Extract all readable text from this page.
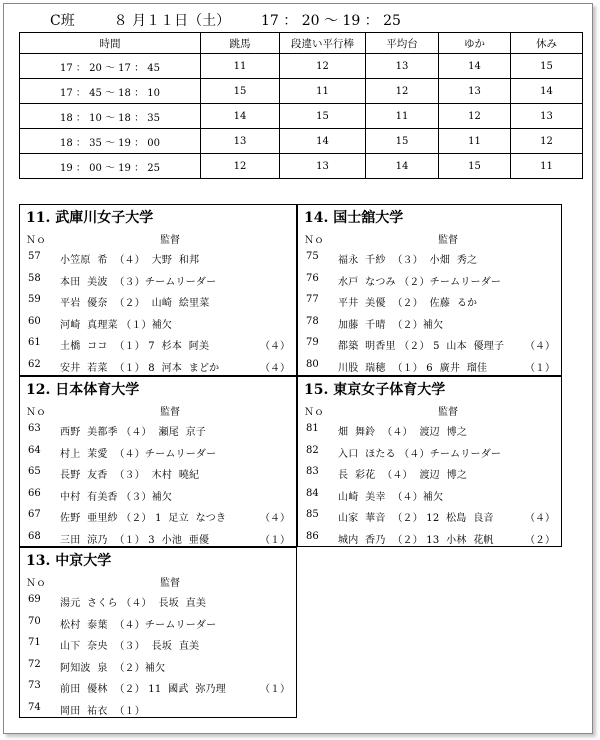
C班	８ 月１１日（土） 17 ： 20 〜 19 ： 25
時間	跳馬	段違い平行棒	平均台	ゆか	休み
17 ： 20 〜 17 ： 45	11	12	13	14	15
17 ： 45 〜 18 ： 10	15	11	12	13	14
18 ： 10 〜 18 ： 35	14	15	11	12	13
18 ： 35 〜 19 ： 00	13	14	15	11	12
19 ： 00 〜 19 ： 25	12	13	14	15	11
11. 武庫川女子大学
Ｎｏ	監督
57	小笠原  希  （４）  大野  和邦
58	本田  美波  （３）チームリーダー
59	平岩  優奈  （２）  山崎  絵里菜
60	河崎  真理菜 （１）補欠
61	土橋  ココ  （１） 7  杉本  阿美	（４）
62	安井  若菜  （１） 8  河本  まどか	（４）
14. 国士舘大学
Ｎｏ	監督
75	福永  千紗  （３）  小畑  秀之
76	水戸  なつみ （２）チームリーダー
77	平井  美優  （２）  佐藤  るか
78	加藤  千晴  （２）補欠
79	都築  明香里 （２） 5  山本  優理子 （４）
80	川股  瑞穂  （１） 6  廣井  瑠佳	（１）
12. 日本体育大学
Ｎｏ	監督
63	西野  美都季 （４）  瀬尾  京子
64	村上  茉愛  （４）チームリーダー
65	長野  友香  （３）  木村  曉紀
66	中村  有美香 （３）補欠
67	佐野  亜里紗 （２） 1  足立  なつき	（４）
68	三田  涼乃  （１） 3  小池  亜優	（１）
15. 東京女子体育大学
Ｎｏ	監督
81	畑  舞鈴  （４）  渡辺  博之
82	入口  ほたる （４）チームリーダー
83	長  彩花  （４）  渡辺  博之
84	山崎  美幸  （４）補欠
85	山家  華音  （２） 12  松島  良音	（４）
86	城内  香乃  （２） 13  小林  花帆	（２）
13. 中京大学
Ｎｏ	監督
69	湯元  さくら （４）  長坂  直美
70	松村  泰葉  （４）チームリーダー
71	山下  奈央  （３）  長坂  直美
72	阿知波  泉  （２）補欠
73	前田  優林  （２） 11  國武  弥乃理	（１）
74	岡田  祐衣  （１）
